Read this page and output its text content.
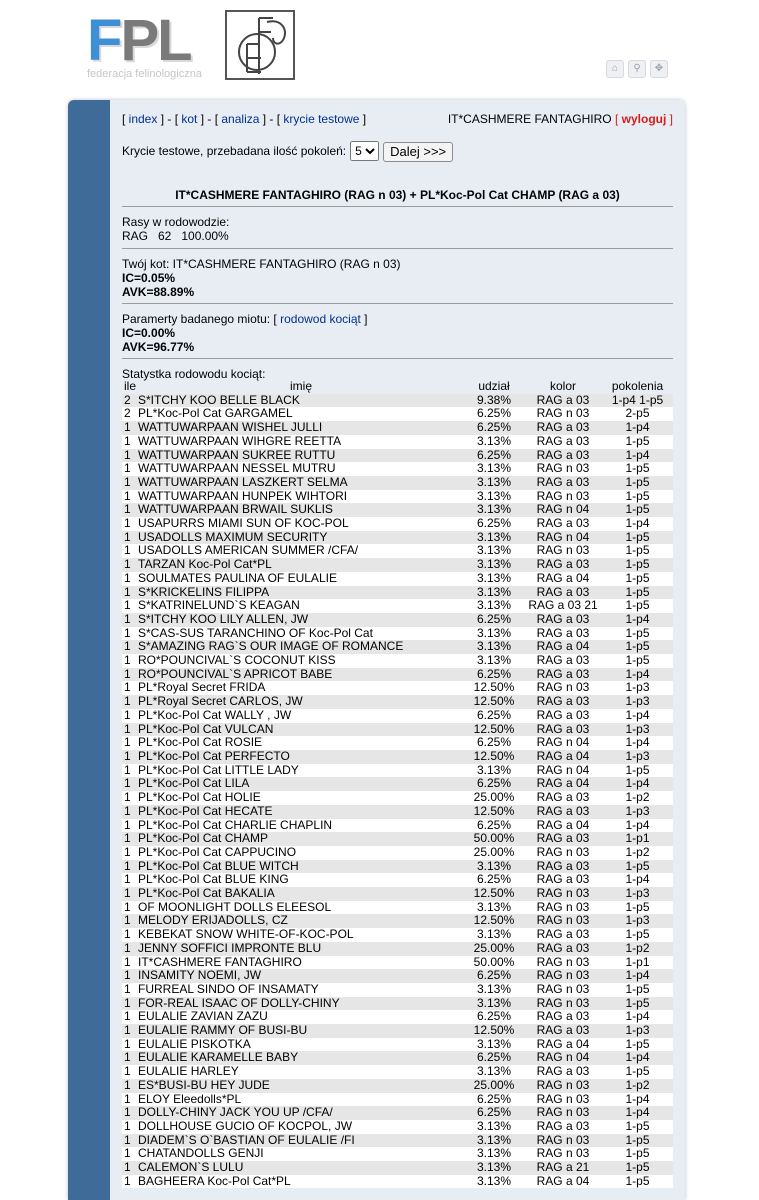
FPL
federacja felinologiczna	⌂ ⚲ ✥
[ index ] - [ kot ] - [ analiza ] - [ krycie testowe ]	IT*CASHMERE FANTAGHIRO [ wyloguj ]
Krycie testowe, przebadana ilość pokoleń:
5	Dalej >>>
IT*CASHMERE FANTAGHIRO (RAG n 03) + PL*Koc-Pol Cat CHAMP (RAG a 03)
Rasy w rodowodzie:
RAG   62   100.00%
Twój kot: IT*CASHMERE FANTAGHIRO (RAG n 03)
IC=0.05%
AVK=88.89%
Paramerty badanego miotu: [ rodowod kociąt ]
IC=0.00%
AVK=96.77%
Statystka rodowodu kociąt:
ile	imię	udział	kolor	pokolenia
2	S*ITCHY KOO BELLE BLACK	9.38%	RAG a 03	1-p4 1-p5
2	PL*Koc-Pol Cat GARGAMEL	6.25%	RAG n 03	2-p5
1	WATTUWARPAAN WISHEL JULLI	6.25%	RAG a 03	1-p4
1	WATTUWARPAAN WIHGRE REETTA	3.13%	RAG a 03	1-p5
1	WATTUWARPAAN SUKREE RUTTU	6.25%	RAG a 03	1-p4
1	WATTUWARPAAN NESSEL MUTRU	3.13%	RAG n 03	1-p5
1	WATTUWARPAAN LASZKERT SELMA	3.13%	RAG a 03	1-p5
1	WATTUWARPAAN HUNPEK WIHTORI	3.13%	RAG n 03	1-p5
1	WATTUWARPAAN BRWAIL SUKLIS	3.13%	RAG n 04	1-p5
1	USAPURRS MIAMI SUN OF KOC-POL	6.25%	RAG a 03	1-p4
1	USADOLLS MAXIMUM SECURITY	3.13%	RAG n 04	1-p5
1	USADOLLS AMERICAN SUMMER /CFA/	3.13%	RAG n 03	1-p5
1	TARZAN Koc-Pol Cat*PL	3.13%	RAG a 03	1-p5
1	SOULMATES PAULINA OF EULALIE	3.13%	RAG a 04	1-p5
1	S*KRICKELINS FILIPPA	3.13%	RAG a 03	1-p5
1	S*KATRINELUND`S KEAGAN	3.13%	RAG a 03 21	1-p5
1	S*ITCHY KOO LILY ALLEN, JW	6.25%	RAG a 03	1-p4
1	S*CAS-SUS TARANCHINO OF Koc-Pol Cat	3.13%	RAG a 03	1-p5
1	S*AMAZING RAG`S OUR IMAGE OF ROMANCE	3.13%	RAG a 04	1-p5
1	RO*POUNCIVAL`S COCONUT KISS	3.13%	RAG a 03	1-p5
1	RO*POUNCIVAL`S APRICOT BABE	6.25%	RAG a 03	1-p4
1	PL*Royal Secret FRIDA	12.50%	RAG n 03	1-p3
1	PL*Royal Secret CARLOS, JW	12.50%	RAG a 03	1-p3
1	PL*Koc-Pol Cat WALLY , JW	6.25%	RAG a 03	1-p4
1	PL*Koc-Pol Cat VULCAN	12.50%	RAG a 03	1-p3
1	PL*Koc-Pol Cat ROSIE	6.25%	RAG n 04	1-p4
1	PL*Koc-Pol Cat PERFECTO	12.50%	RAG a 04	1-p3
1	PL*Koc-Pol Cat LITTLE LADY	3.13%	RAG n 04	1-p5
1	PL*Koc-Pol Cat LILA	6.25%	RAG a 04	1-p4
1	PL*Koc-Pol Cat HOLIE	25.00%	RAG a 03	1-p2
1	PL*Koc-Pol Cat HECATE	12.50%	RAG a 03	1-p3
1	PL*Koc-Pol Cat CHARLIE CHAPLIN	6.25%	RAG a 04	1-p4
1	PL*Koc-Pol Cat CHAMP	50.00%	RAG a 03	1-p1
1	PL*Koc-Pol Cat CAPPUCINO	25.00%	RAG n 03	1-p2
1	PL*Koc-Pol Cat BLUE WITCH	3.13%	RAG a 03	1-p5
1	PL*Koc-Pol Cat BLUE KING	6.25%	RAG a 03	1-p4
1	PL*Koc-Pol Cat BAKALIA	12.50%	RAG n 03	1-p3
1	OF MOONLIGHT DOLLS ELEESOL	3.13%	RAG n 03	1-p5
1	MELODY ERIJADOLLS, CZ	12.50%	RAG n 03	1-p3
1	KEBEKAT SNOW WHITE-OF-KOC-POL	3.13%	RAG a 03	1-p5
1	JENNY SOFFICI IMPRONTE BLU	25.00%	RAG a 03	1-p2
1	IT*CASHMERE FANTAGHIRO	50.00%	RAG n 03	1-p1
1	INSAMITY NOEMI, JW	6.25%	RAG n 03	1-p4
1	FURREAL SINDO OF INSAMATY	3.13%	RAG n 03	1-p5
1	FOR-REAL ISAAC OF DOLLY-CHINY	3.13%	RAG n 03	1-p5
1	EULALIE ZAVIAN ZAZU	6.25%	RAG a 03	1-p4
1	EULALIE RAMMY OF BUSI-BU	12.50%	RAG a 03	1-p3
1	EULALIE PISKOTKA	3.13%	RAG a 04	1-p5
1	EULALIE KARAMELLE BABY	6.25%	RAG n 04	1-p4
1	EULALIE HARLEY	3.13%	RAG a 03	1-p5
1	ES*BUSI-BU HEY JUDE	25.00%	RAG n 03	1-p2
1	ELOY Eleedolls*PL	6.25%	RAG n 03	1-p4
1	DOLLY-CHINY JACK YOU UP /CFA/	6.25%	RAG n 03	1-p4
1	DOLLHOUSE GUCIO OF KOCPOL, JW	3.13%	RAG a 03	1-p5
1	DIADEM`S O`BASTIAN OF EULALIE /FI	3.13%	RAG n 03	1-p5
1	CHATANDOLLS GENJI	3.13%	RAG n 03	1-p5
1	CALEMON`S LULU	3.13%	RAG a 21	1-p5
1	BAGHEERA Koc-Pol Cat*PL	3.13%	RAG a 04	1-p5
